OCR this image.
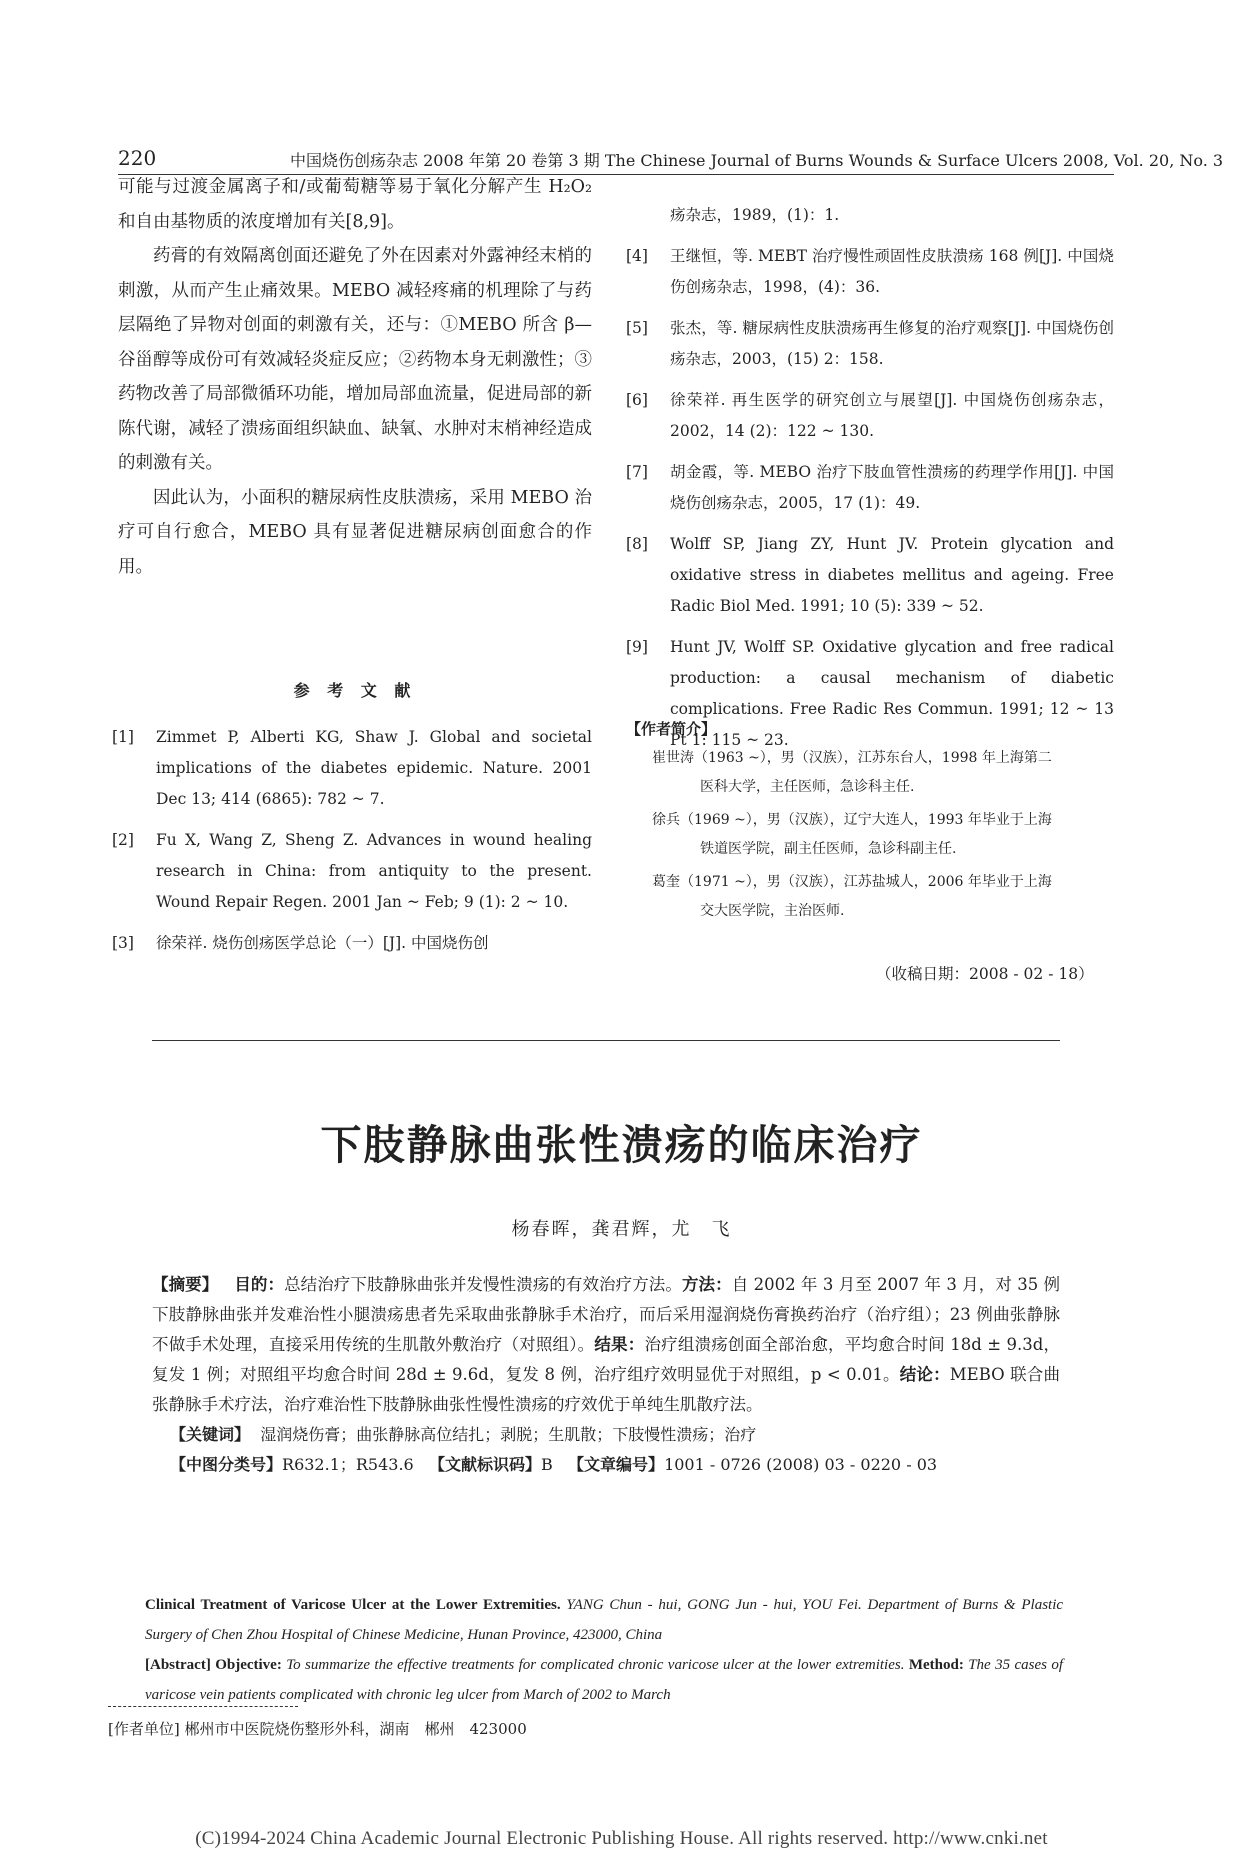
220	中国烧伤创疡杂志 2008 年第 20 卷第 3 期 The Chinese Journal of Burns Wounds & Surface Ulcers 2008, Vol. 20, No. 3

可能与过渡金属离子和/或葡萄糖等易于氧化分解产生 H₂O₂ 和自由基物质的浓度增加有关[8,9]。

药膏的有效隔离创面还避免了外在因素对外露神经末梢的刺激，从而产生止痛效果。MEBO 减轻疼痛的机理除了与药层隔绝了异物对创面的刺激有关，还与：①MEBO 所含 β—谷甾醇等成份可有效减轻炎症反应；②药物本身无刺激性；③药物改善了局部微循环功能，增加局部血流量，促进局部的新陈代谢，减轻了溃疡面组织缺血、缺氧、水肿对末梢神经造成的刺激有关。

因此认为，小面积的糖尿病性皮肤溃疡，采用 MEBO 治疗可自行愈合，MEBO 具有显著促进糖尿病创面愈合的作用。

参 考 文 献
[1]	Zimmet P, Alberti KG, Shaw J. Global and societal implications of the diabetes epidemic. Nature. 2001 Dec 13; 414 (6865): 782 ~ 7.
[2]	Fu X, Wang Z, Sheng Z. Advances in wound healing research in China: from antiquity to the present. Wound Repair Regen. 2001 Jan ~ Feb; 9 (1): 2 ~ 10.
[3]	徐荣祥. 烧伤创疡医学总论（一）[J]. 中国烧伤创
疡杂志，1989，(1)：1.
[4]	王继恒，等. MEBT 治疗慢性顽固性皮肤溃疡 168 例[J]. 中国烧伤创疡杂志，1998，(4)：36.
[5]	张杰，等. 糖尿病性皮肤溃疡再生修复的治疗观察[J]. 中国烧伤创疡杂志，2003，(15) 2：158.
[6]	徐荣祥. 再生医学的研究创立与展望[J]. 中国烧伤创疡杂志，2002，14 (2)：122 ~ 130.
[7]	胡金霞，等. MEBO 治疗下肢血管性溃疡的药理学作用[J]. 中国烧伤创疡杂志，2005，17 (1)：49.
[8]	Wolff SP, Jiang ZY, Hunt JV. Protein glycation and oxidative stress in diabetes mellitus and ageing. Free Radic Biol Med. 1991; 10 (5): 339 ~ 52.
[9]	Hunt JV, Wolff SP. Oxidative glycation and free radical production: a causal mechanism of diabetic complications. Free Radic Res Commun. 1991; 12 ~ 13 Pt 1: 115 ~ 23.
【作者简介】
崔世涛（1963 ~），男（汉族），江苏东台人，1998 年上海第二
医科大学，主任医师，急诊科主任.
徐兵（1969 ~），男（汉族），辽宁大连人，1993 年毕业于上海
铁道医学院，副主任医师，急诊科副主任.
葛奎（1971 ~），男（汉族），江苏盐城人，2006 年毕业于上海
交大医学院，主治医师.
（收稿日期：2008 - 02 - 18）
下肢静脉曲张性溃疡的临床治疗
杨春晖，龚君辉，尤　飞
【摘要】 目的：总结治疗下肢静脉曲张并发慢性溃疡的有效治疗方法。方法：自 2002 年 3 月至 2007 年 3 月，对 35 例下肢静脉曲张并发难治性小腿溃疡患者先采取曲张静脉手术治疗，而后采用湿润烧伤膏换药治疗（治疗组）；23 例曲张静脉不做手术处理，直接采用传统的生肌散外敷治疗（对照组）。结果：治疗组溃疡创面全部治愈，平均愈合时间 18d ± 9.3d，复发 1 例；对照组平均愈合时间 28d ± 9.6d，复发 8 例，治疗组疗效明显优于对照组，p < 0.01。结论：MEBO 联合曲张静脉手术疗法，治疗难治性下肢静脉曲张性慢性溃疡的疗效优于单纯生肌散疗法。
【关键词】 湿润烧伤膏；曲张静脉高位结扎；剥脱；生肌散；下肢慢性溃疡；治疗
【中图分类号】R632.1；R543.6 【文献标识码】B 【文章编号】1001 - 0726 (2008) 03 - 0220 - 03
Clinical Treatment of Varicose Ulcer at the Lower Extremities. YANG Chun - hui, GONG Jun - hui, YOU Fei. Department of Burns & Plastic Surgery of Chen Zhou Hospital of Chinese Medicine, Hunan Province, 423000, China
[Abstract] Objective: To summarize the effective treatments for complicated chronic varicose ulcer at the lower extremities. Method: The 35 cases of varicose vein patients complicated with chronic leg ulcer from March of 2002 to March
[作者单位] 郴州市中医院烧伤整形外科，湖南　郴州　423000
(C)1994-2024 China Academic Journal Electronic Publishing House. All rights reserved. http://www.cnki.net
